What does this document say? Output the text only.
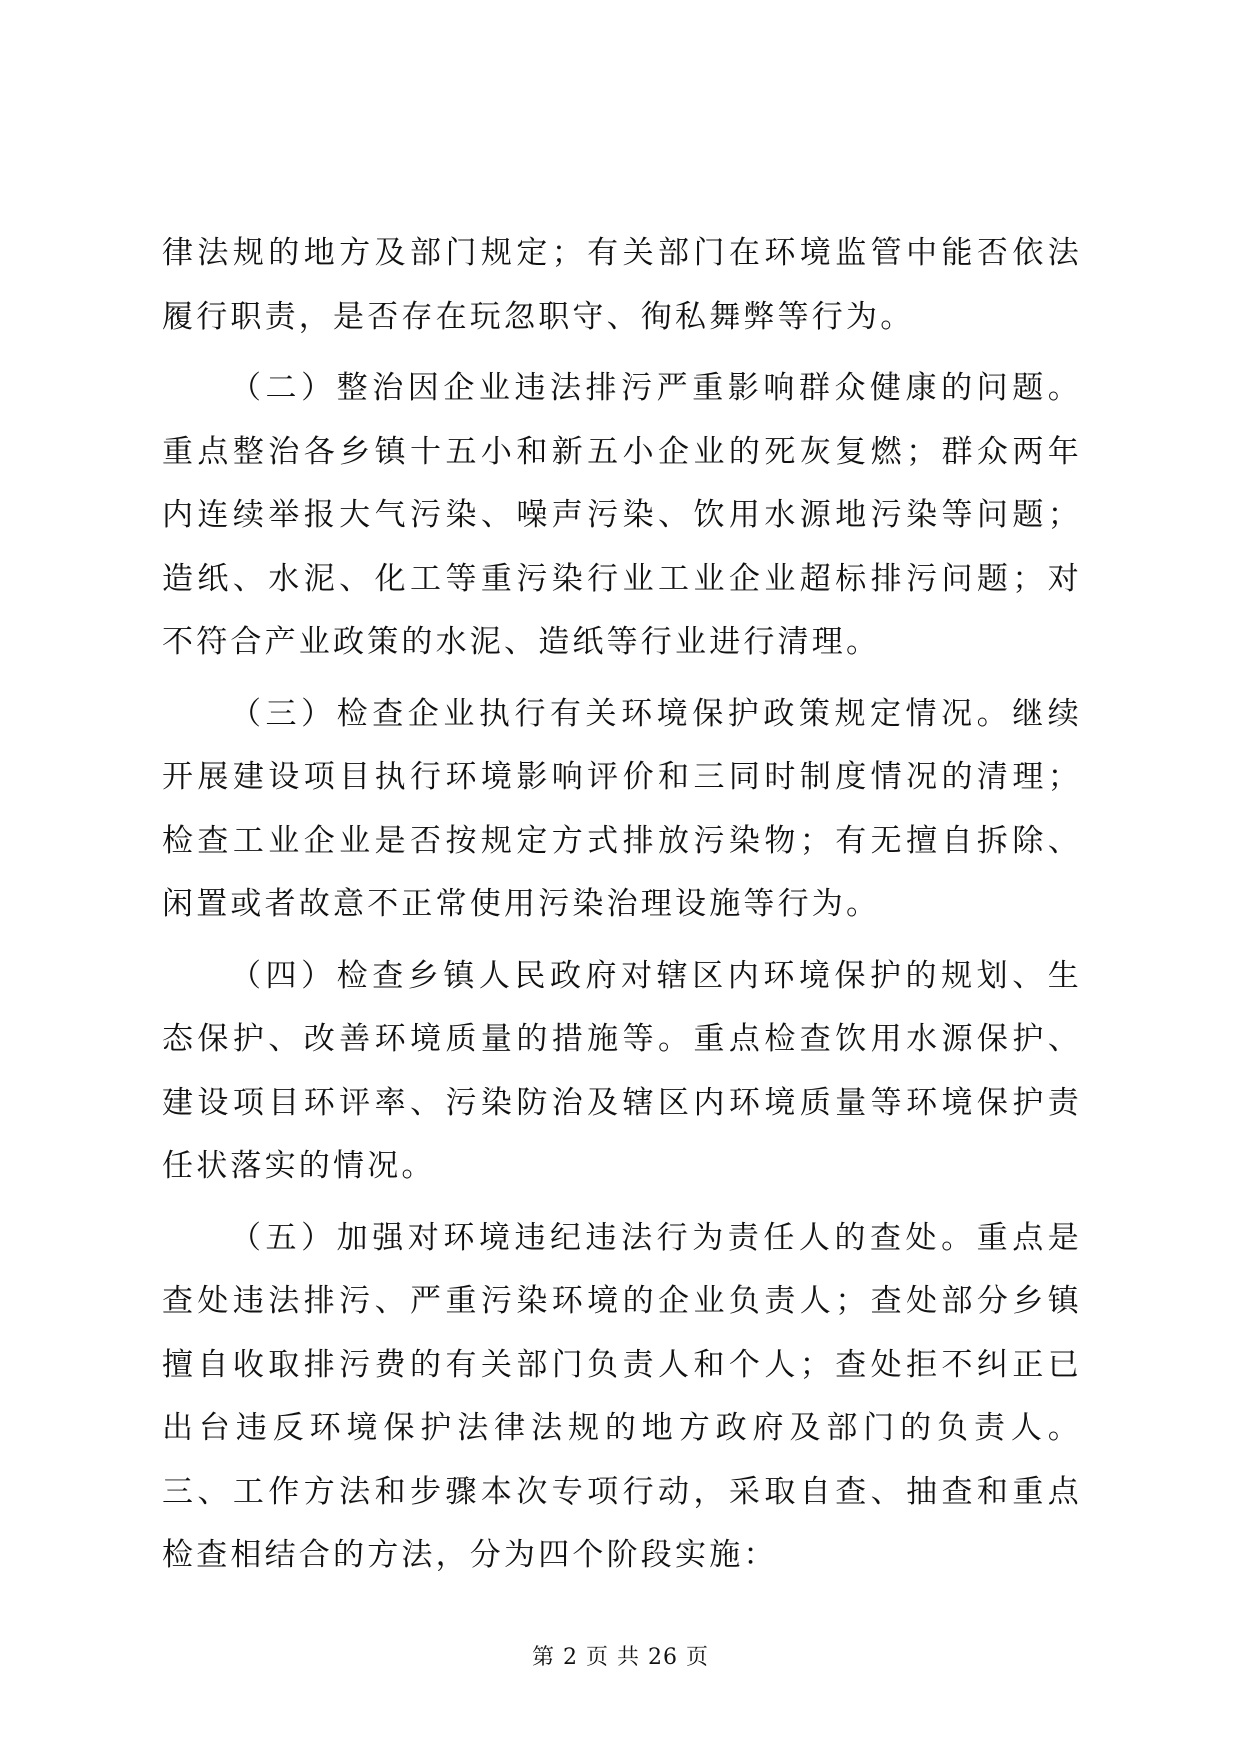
律法规的地方及部门规定；有关部门在环境监管中能否依法履行职责，是否存在玩忽职守、徇私舞弊等行为。

（二）整治因企业违法排污严重影响群众健康的问题。重点整治各乡镇十五小和新五小企业的死灰复燃；群众两年内连续举报大气污染、噪声污染、饮用水源地污染等问题；造纸、水泥、化工等重污染行业工业企业超标排污问题；对不符合产业政策的水泥、造纸等行业进行清理。

（三）检查企业执行有关环境保护政策规定情况。继续开展建设项目执行环境影响评价和三同时制度情况的清理；检查工业企业是否按规定方式排放污染物；有无擅自拆除、闲置或者故意不正常使用污染治理设施等行为。

（四）检查乡镇人民政府对辖区内环境保护的规划、生态保护、改善环境质量的措施等。重点检查饮用水源保护、建设项目环评率、污染防治及辖区内环境质量等环境保护责任状落实的情况。

（五）加强对环境违纪违法行为责任人的查处。重点是查处违法排污、严重污染环境的企业负责人；查处部分乡镇擅自收取排污费的有关部门负责人和个人；查处拒不纠正已出台违反环境保护法律法规的地方政府及部门的负责人。三、工作方法和步骤本次专项行动，采取自查、抽查和重点检查相结合的方法，分为四个阶段实施：

第 2 页 共 26 页
